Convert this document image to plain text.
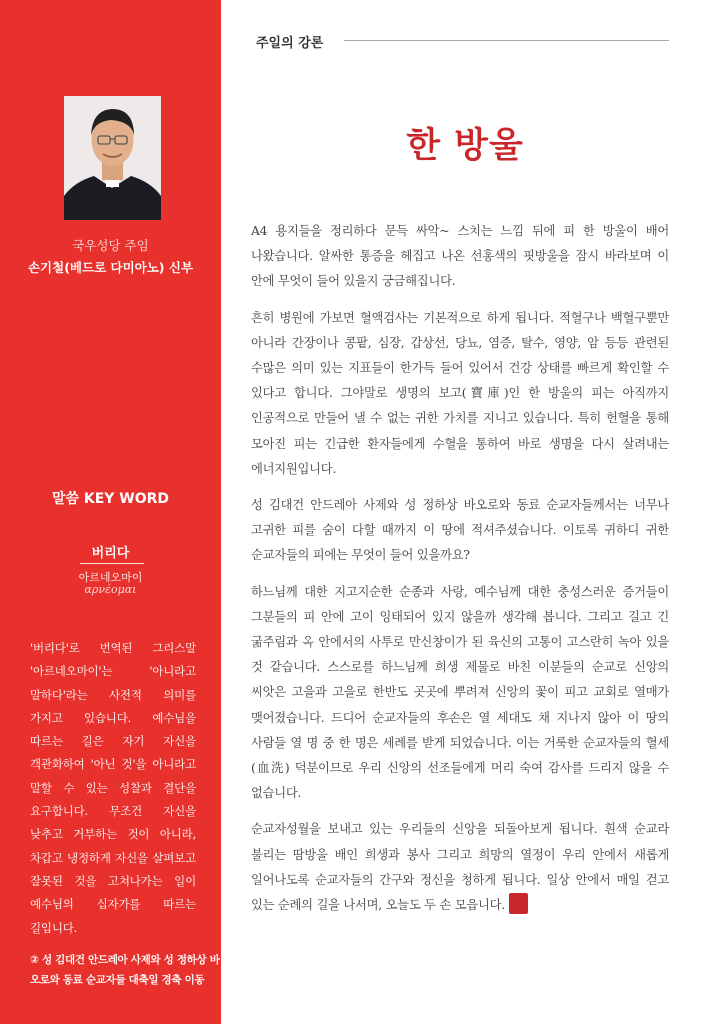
국우성당 주임
손기철(베드로 다미아노) 신부
말씀 KEY WORD
버리다
아르네오마이
αρνέομαι
'버리다'로 번역된 그리스말 '아르네오마이'는 '아니라고 말하다'라는 사전적 의미를 가지고 있습니다. 예수님을 따르는 길은 자기 자신을 객관화하여 '아닌 것'을 아니라고 말할 수 있는 성찰과 결단을 요구합니다. 무조건 자신을 낮추고 거부하는 것이 아니라, 차갑고 냉정하게 자신을 살펴보고 잘못된 것을 고쳐나가는 일이 예수님의 십자가를 따르는 길입니다.
② 성 김대건 안드레아 사제와 성 정하상 바오로와 동료 순교자들 대축일 경축 이동
주일의 강론
한 방울

A4 용지들을 정리하다 문득 싸악~ 스치는 느낌 뒤에 피 한 방울이 배어 나왔습니다. 알싸한 통증을 헤집고 나온 선홍색의 핏방울을 잠시 바라보며 이 안에 무엇이 들어 있을지 궁금해집니다.

흔히 병원에 가보면 혈액검사는 기본적으로 하게 됩니다. 적혈구나 백혈구뿐만 아니라 간장이나 콩팥, 심장, 갑상선, 당뇨, 염증, 탈수, 영양, 암 등등 관련된 수많은 의미 있는 지표들이 한가득 들어 있어서 건강 상태를 빠르게 확인할 수 있다고 합니다. 그야말로 생명의 보고(寶庫)인 한 방울의 피는 아직까지 인공적으로 만들어 낼 수 없는 귀한 가치를 지니고 있습니다. 특히 헌혈을 통해 모아진 피는 긴급한 환자들에게 수혈을 통하여 바로 생명을 다시 살려내는 에너지원입니다.

성 김대건 안드레아 사제와 성 정하상 바오로와 동료 순교자들께서는 너무나 고귀한 피를 숨이 다할 때까지 이 땅에 적셔주셨습니다. 이토록 귀하디 귀한 순교자들의 피에는 무엇이 들어 있을까요?

하느님께 대한 지고지순한 순종과 사랑, 예수님께 대한 충성스러운 증거들이 그분들의 피 안에 고이 잉태되어 있지 않을까 생각해 봅니다. 그리고 길고 긴 굶주림과 옥 안에서의 사투로 만신창이가 된 육신의 고통이 고스란히 녹아 있을 것 같습니다. 스스로를 하느님께 희생 제물로 바친 이분들의 순교로 신앙의 씨앗은 고을과 고을로 한반도 곳곳에 뿌려져 신앙의 꽃이 피고 교회로 열매가 맺어졌습니다. 드디어 순교자들의 후손은 열 세대도 채 지나지 않아 이 땅의 사람들 열 명 중 한 명은 세례를 받게 되었습니다. 이는 거룩한 순교자들의 혈세(血洗) 덕분이므로 우리 신앙의 선조들에게 머리 숙여 감사를 드리지 않을 수 없습니다.

순교자성월을 보내고 있는 우리들의 신앙을 되돌아보게 됩니다. 흰색 순교라 불리는 땀방울 배인 희생과 봉사 그리고 희망의 열정이 우리 안에서 새롭게 일어나도록 순교자들의 간구와 정신을 청하게 됩니다. 일상 안에서 매일 걷고 있는 순례의 길을 나서며, 오늘도 두 손 모읍니다.
